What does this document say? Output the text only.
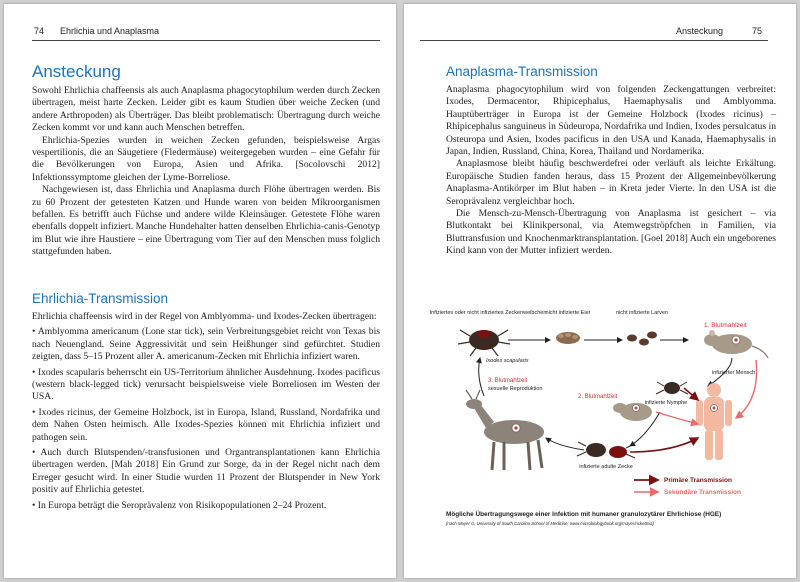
74 Ehrlichia und Anaplasma
Ansteckung

Sowohl Ehrlichia chaffeensis als auch Anaplasma phagocytophilum werden durch Zecken übertragen, meist harte Zecken. Leider gibt es kaum Studien über weiche Zecken (und andere Arthropoden) als Überträger. Das bleibt problematisch: Übertragung durch weiche Zecken kommt vor und kann auch Menschen betreffen.

Ehrlichia-Spezies wurden in weichen Zecken gefunden, beispielsweise Argas vespertilionis, die an Säugetiere (Fledermäuse) weitergegeben wurden – eine Gefahr für die Bevölkerungen von Europa, Asien und Afrika. [Socolovschi 2012] Infektionssymptome gleichen der Lyme-Borreliose.

Nachgewiesen ist, dass Ehrlichia und Anaplasma durch Flöhe übertragen werden. Bis zu 60 Prozent der getesteten Katzen und Hunde waren von beiden Mikroorganismen befallen. Es betrifft auch Füchse und andere wilde Kleinsäuger. Getestete Flöhe waren ebenfalls doppelt infiziert. Manche Hundehalter hatten denselben Ehrlichia-canis-Genotyp im Blut wie ihre Haustiere – eine Übertragung vom Tier auf den Menschen muss folglich stattgefunden haben.

Ehrlichia-Transmission

Ehrlichia chaffeensis wird in der Regel von Amblyomma- und Ixodes-Zecken übertragen:

• Amblyomma americanum (Lone star tick), sein Verbreitungsgebiet reicht von Texas bis nach Neuengland. Seine Aggressivität und sein Heißhunger sind gefürchtet. Studien zeigten, dass 5–15 Prozent aller A. americanum-Zecken mit Ehrlichia infiziert waren.

• Ixodes scapularis beherrscht ein US-Territorium ähnlicher Ausdehnung. Ixodes pacificus (western black-legged tick) verursacht beispielsweise viele Borreliosen im Westen der USA.

• Ixodes ricinus, der Gemeine Holzbock, ist in Europa, Island, Russland, Nordafrika und dem Nahen Osten heimisch. Alle Ixodes-Spezies können mit Ehrlichia infiziert und pathogen sein.

• Auch durch Blutspenden/-transfusionen und Organtransplantationen kann Ehrlichia übertragen werden. [Mah 2018] Ein Grund zur Sorge, da in der Regel nicht nach dem Erreger gesucht wird. In einer Studie wurden 11 Prozent der Blutspender in New York positiv auf Ehrlichia getestet.

• In Europa beträgt die Seroprävalenz von Risikopopulationen 2–24 Prozent.

Ansteckung	75
Anaplasma-Transmission

Anaplasma phagocytophilum wird von folgenden Zeckengattungen verbreitet: Ixodes, Dermacentor, Rhipicephalus, Haemaphysalis und Amblyomma. Hauptüberträger in Europa ist der Gemeine Holzbock (Ixodes ricinus) – Rhipicephalus sanguineus in Südeuropa, Nordafrika und Indien, Ixodes persulcatus in Osteuropa und Asien, Ixodes pacificus in den USA und Kanada, Haemaphysalis in Japan, Indien, Russland, China, Korea, Thailand und Nordamerika.

Anaplasmose bleibt häufig beschwerdefrei oder verläuft als leichte Erkältung. Europäische Studien fanden heraus, dass 15 Prozent der Allgemeinbevölkerung Anaplasma-Antikörper im Blut haben – in Kreta jeder Vierte. In den USA ist die Seroprävalenz vergleichbar hoch.

Die Mensch-zu-Mensch-Übertragung von Anaplasma ist gesichert – via Blutkontakt bei Klinikpersonal, via Atemwegströpfchen in Familien, via Bluttransfusion und Knochenmarktransplantation. [Goel 2018] Auch ein ungeborenes Kind kann von der Mutter infiziert werden.

Infiziertes oder nicht infiziertes Zeckenweibchen nicht infizierte Eier	nicht infizierte Larven
1. Blutmahlzeit
Ixodes scapularis
3. Blutmahlzeit
sexuelle Reproduktion
2. Blutmahlzeit
infizierte Nymphe
infizierter Mensch
infizierte adulte Zecke
Primäre Transmission
Sekundäre Transmission
Mögliche Übertragungswege einer Infektion mit humaner granulozytärer Ehrlichiose (HGE)
(nach Mayer G, University of South Carolina School of Medicine, www.microbiologybook.org/mayer/rickettsia)
